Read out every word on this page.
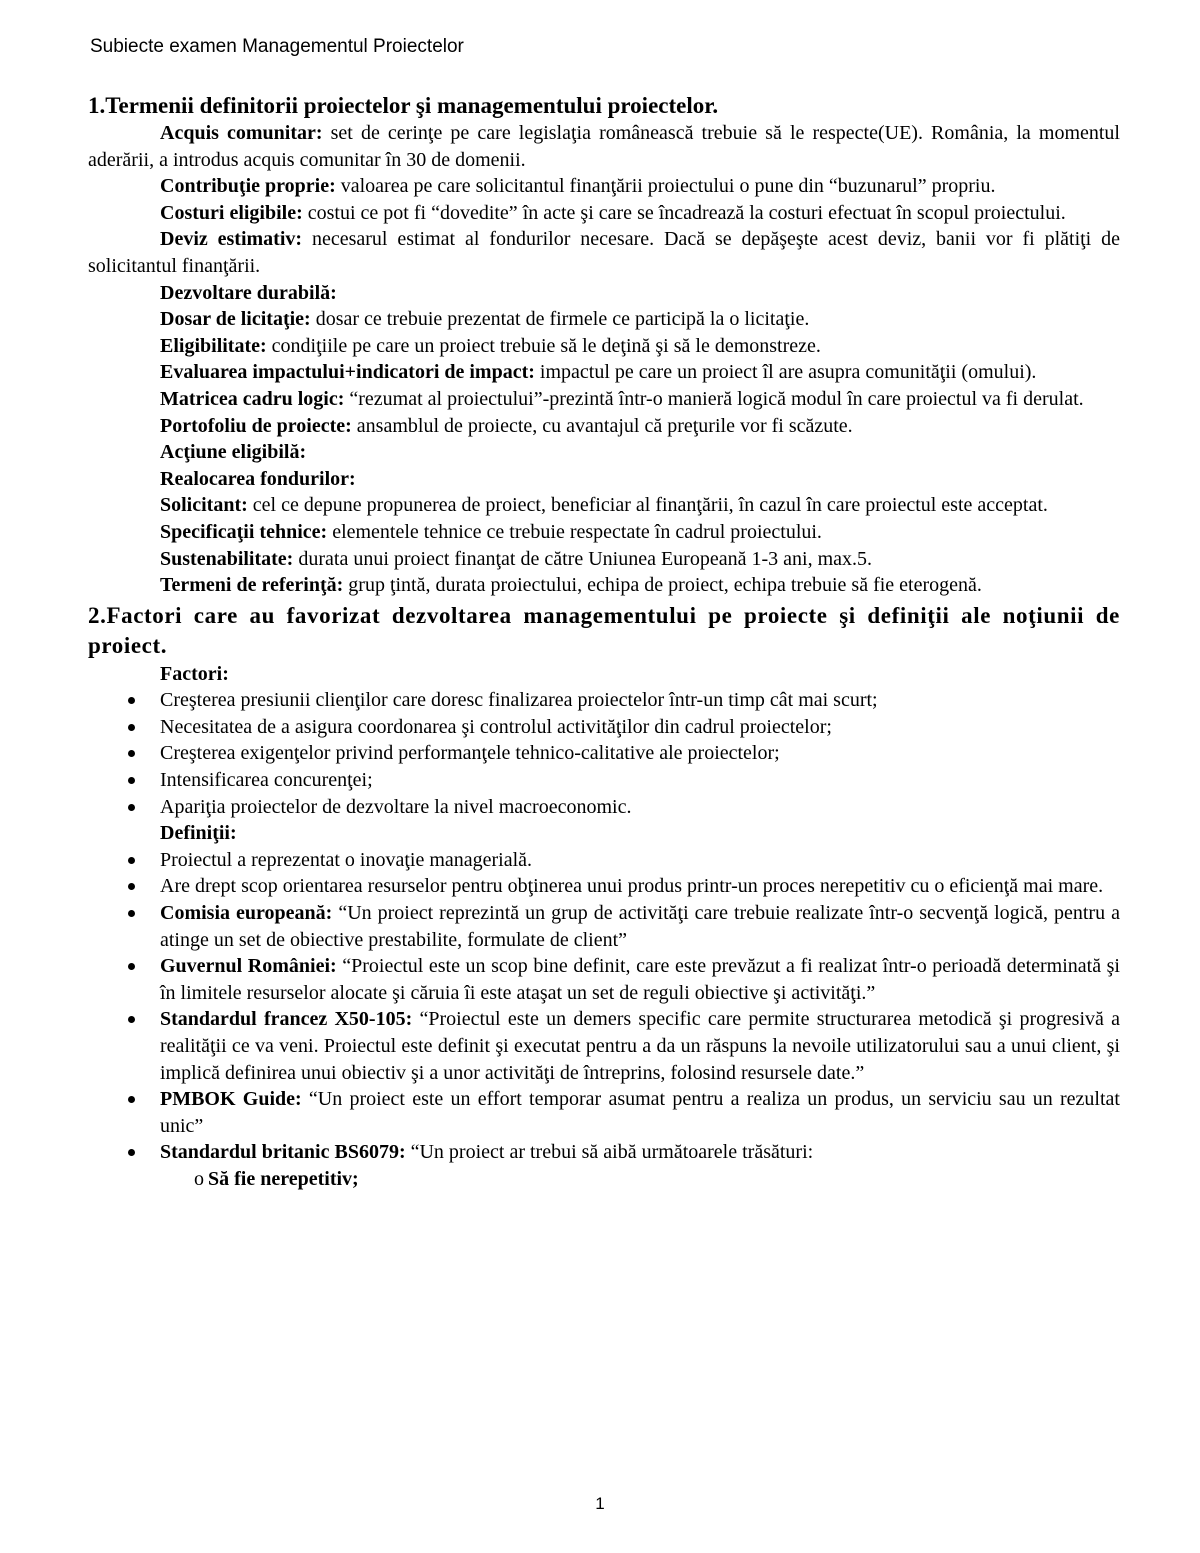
Subiecte examen Managementul Proiectelor

1.Termenii definitorii proiectelor şi managementului proiectelor.

Acquis comunitar: set de cerinţe pe care legislaţia românească trebuie să le respecte(UE). România, la momentul aderării, a introdus acquis comunitar în 30 de domenii.

Contribuţie proprie: valoarea pe care solicitantul finanţării proiectului o pune din “buzunarul” propriu.

Costuri eligibile: costui ce pot fi “dovedite” în acte şi care se încadrează la costuri efectuat în scopul proiectului.

Deviz estimativ: necesarul estimat al fondurilor necesare. Dacă se depăşeşte acest deviz, banii vor fi plătiţi de solicitantul finanţării.

Dezvoltare durabilă:

Dosar de licitaţie: dosar ce trebuie prezentat de firmele ce participă la o licitaţie.

Eligibilitate: condiţiile pe care un proiect trebuie să le deţină şi să le demonstreze.

Evaluarea impactului+indicatori de impact: impactul pe care un proiect îl are asupra comunităţii (omului).

Matricea cadru logic: “rezumat al proiectului”-prezintă într-o manieră logică modul în care proiectul va fi derulat.

Portofoliu de proiecte: ansamblul de proiecte, cu avantajul că preţurile vor fi scăzute.

Acţiune eligibilă:

Realocarea fondurilor:

Solicitant: cel ce depune propunerea de proiect, beneficiar al finanţării, în cazul în care proiectul este acceptat.

Specificaţii tehnice: elementele tehnice ce trebuie respectate în cadrul proiectului.

Sustenabilitate: durata unui proiect finanţat de către Uniunea Europeană 1-3 ani, max.5.

Termeni de referinţă: grup ţintă, durata proiectului, echipa de proiect, echipa trebuie să fie eterogenă.

2.Factori care au favorizat dezvoltarea managementului pe proiecte şi definiţii ale noţiunii de proiect.

Factori:

Creşterea presiunii clienţilor care doresc finalizarea proiectelor într-un timp cât mai scurt;
Necesitatea de a asigura coordonarea şi controlul activităţilor din cadrul proiectelor;
Creşterea exigenţelor privind performanţele tehnico-calitative ale proiectelor;
Intensificarea concurenţei;
Apariţia proiectelor de dezvoltare la nivel macroeconomic.

Definiţii:

Proiectul a reprezentat o inovaţie managerială.
Are drept scop orientarea resurselor pentru obţinerea unui produs printr-un proces nerepetitiv cu o eficienţă mai mare.
Comisia europeană: “Un proiect reprezintă un grup de activităţi care trebuie realizate într-o secvenţă logică, pentru a atinge un set de obiective prestabilite, formulate de client”
Guvernul României: “Proiectul este un scop bine definit, care este prevăzut a fi realizat într-o perioadă determinată şi în limitele resurselor alocate şi căruia îi este ataşat un set de reguli obiective şi activităţi.”
Standardul francez X50-105: “Proiectul este un demers specific care permite structurarea metodică şi progresivă a realităţii ce va veni. Proiectul este definit şi executat pentru a da un răspuns la nevoile utilizatorului sau a unui client, şi implică definirea unui obiectiv şi a unor activităţi de întreprins, folosind resursele date.”
PMBOK Guide: “Un proiect este un effort temporar asumat pentru a realiza un produs, un serviciu sau un rezultat unic”
Standardul britanic BS6079: “Un proiect ar trebui să aibă următoarele trăsături:

o Să fie nerepetitiv;

1
